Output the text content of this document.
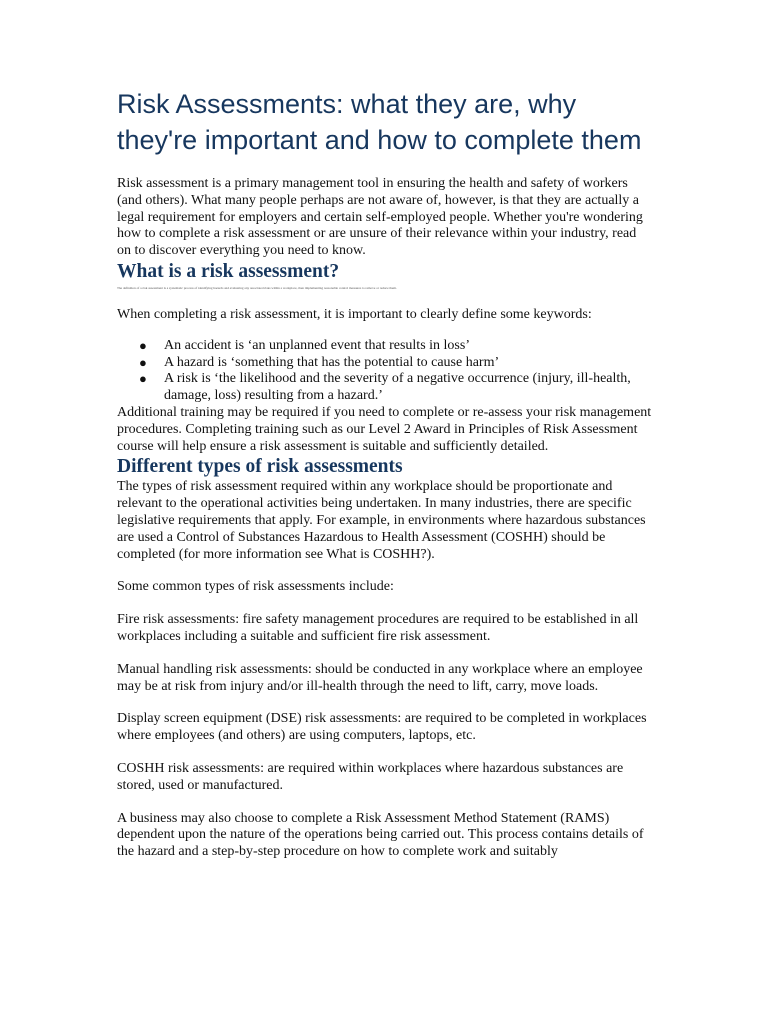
Risk Assessments: what they are, why they're important and how to complete them

Risk assessment is a primary management tool in ensuring the health and safety of workers (and others). What many people perhaps are not aware of, however, is that they are actually a legal requirement for employers and certain self-employed people. Whether you're wondering how to complete a risk assessment or are unsure of their relevance within your industry, read on to discover everything you need to know.

What is a risk assessment?

The definition of a risk assessment is a systematic process of identifying hazards and evaluating any associated risks within a workplace, then implementing reasonable control measures to remove or reduce them.

When completing a risk assessment, it is important to clearly define some keywords:

● An accident is ‘an unplanned event that results in loss’
● A hazard is ‘something that has the potential to cause harm’
● A risk is ‘the likelihood and the severity of a negative occurrence (injury, ill-health, damage, loss) resulting from a hazard.’

Additional training may be required if you need to complete or re-assess your risk management procedures. Completing training such as our Level 2 Award in Principles of Risk Assessment course will help ensure a risk assessment is suitable and sufficiently detailed.

Different types of risk assessments

The types of risk assessment required within any workplace should be proportionate and relevant to the operational activities being undertaken. In many industries, there are specific legislative requirements that apply. For example, in environments where hazardous substances are used a Control of Substances Hazardous to Health Assessment (COSHH) should be completed (for more information see What is COSHH?).

Some common types of risk assessments include:

Fire risk assessments: fire safety management procedures are required to be established in all workplaces including a suitable and sufficient fire risk assessment.

Manual handling risk assessments: should be conducted in any workplace where an employee may be at risk from injury and/or ill-health through the need to lift, carry, move loads.

Display screen equipment (DSE) risk assessments: are required to be completed in workplaces where employees (and others) are using computers, laptops, etc.

COSHH risk assessments: are required within workplaces where hazardous substances are stored, used or manufactured.

A business may also choose to complete a Risk Assessment Method Statement (RAMS) dependent upon the nature of the operations being carried out. This process contains details of the hazard and a step-by-step procedure on how to complete work and suitably
